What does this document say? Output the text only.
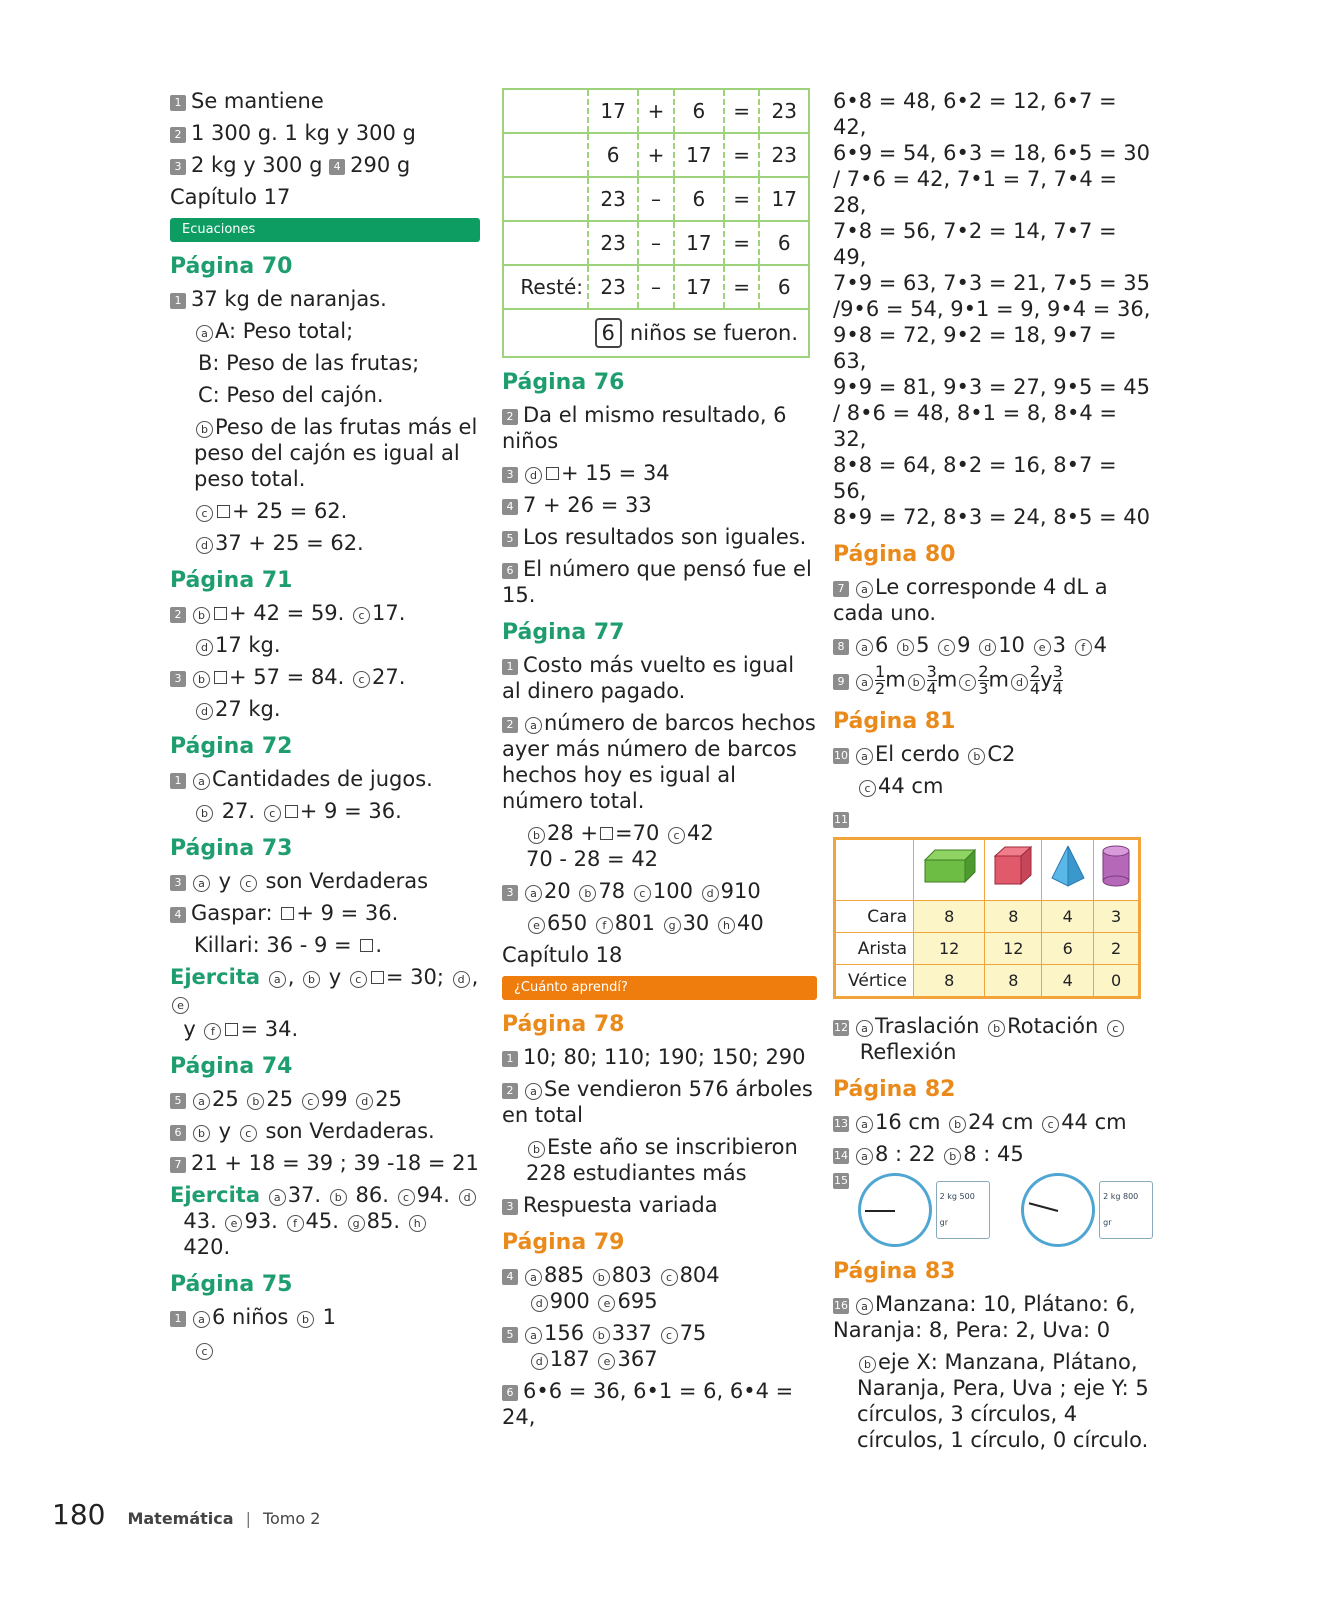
1 Se mantiene
2 1 300 g. 1 kg y 300 g
3 2 kg y 300 g 4 290 g
Capítulo 17
Ecuaciones
Página 70
1 37 kg de naranjas.
a A: Peso total;
B: Peso de las frutas;
C: Peso del cajón.
b Peso de las frutas más el peso del cajón es igual al peso total.
c + 25 = 62.
d 37 + 25 = 62.
Página 71
2 b + 42 = 59. c 17.
d 17 kg.
3 b + 57 = 84. c 27.
d 27 kg.
Página 72
1 a Cantidades de jugos.
b 27. c + 9 = 36.
Página 73
3 a y c son Verdaderas
4 Gaspar: + 9 = 36.
Killari: 36 - 9 = .
Ejercita a , b y c = 30; d , e
y f = 34.
Página 74
5 a 25 b 25 c 99 d 25
6 b y c son Verdaderas.
7 21 + 18 = 39 ; 39 -18 = 21
Ejercita a 37. b 86. c 94. d
43. e 93. f 45. g 85. h
420.
Página 75
1 a 6 niños b 1
c
	17	+	6	=	23
	6	+	17	=	23
	23	–	6	=	17
	23	–	17	=	6
Resté:	23	–	17	=	6
6 niños se fueron.
Página 76
2 Da el mismo resultado, 6 niños
3 d + 15 = 34
4 7 + 26 = 33
5 Los resultados son iguales.
6 El número que pensó fue el 15.
Página 77
1 Costo más vuelto es igual al dinero pagado.
2 a número de barcos hechos ayer más número de barcos hechos hoy es igual al número total.
b 28 + =70 c 42
70 - 28 = 42
3 a 20 b 78 c 100 d 910
e 650 f 801 g 30 h 40
Capítulo 18
¿Cuánto aprendí?
Página 78
1 10; 80; 110; 190; 150; 290
2 a Se vendieron 576 árboles en total
b Este año se inscribieron 228 estudiantes más
3 Respuesta variada
Página 79
4 a 885 b 803 c 804
d 900 e 695
5 a 156 b 337 c 75
d 187 e 367
6 6•6 = 36, 6•1 = 6, 6•4 = 24,
6•8 = 48, 6•2 = 12, 6•7 = 42,
6•9 = 54, 6•3 = 18, 6•5 = 30
/ 7•6 = 42, 7•1 = 7, 7•4 = 28,
7•8 = 56, 7•2 = 14, 7•7 = 49,
7•9 = 63, 7•3 = 21, 7•5 = 35
/9•6 = 54, 9•1 = 9, 9•4 = 36,
9•8 = 72, 9•2 = 18, 9•7 = 63,
9•9 = 81, 9•3 = 27, 9•5 = 45
/ 8•6 = 48, 8•1 = 8, 8•4 = 32,
8•8 = 64, 8•2 = 16, 8•7 = 56,
8•9 = 72, 8•3 = 24, 8•5 = 40
Página 80
7 a Le corresponde 4 dL a cada uno.
8 a 6 b 5 c 9 d 10 e 3 f 4
9 a $\frac{1}{2}$ m b $\frac{3}{4}$ m c $\frac{2}{3}$ m d $\frac{2}{4}$ y $\frac{3}{4}$
Página 81
10 a El cerdo b C2
c 44 cm
11

Cara	8	8	4	3
Arista	12	12	6	2
Vértice	8	8	4	0
12 a Traslación b Rotación c
Reflexión
Página 82
13 a 16 cm b 24 cm c 44 cm
14 a 8 : 22 b 8 : 45
15
2 kg 500 gr
2 kg 800 gr
Página 83
16 a Manzana: 10, Plátano: 6, Naranja: 8, Pera: 2, Uva: 0
b eje X: Manzana, Plátano, Naranja, Pera, Uva ; eje Y: 5 círculos, 3 círculos, 4 círculos, 1 círculo, 0 círculo.
180 Matemática | Tomo 2
